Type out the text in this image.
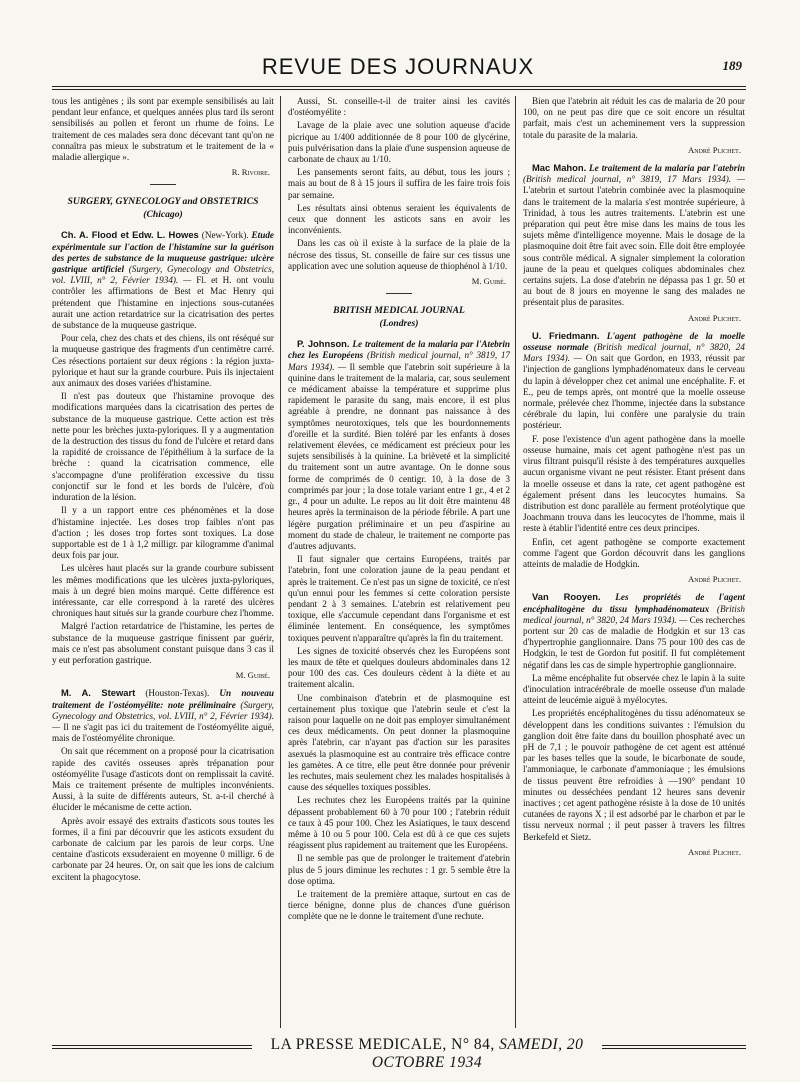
REVUE DES JOURNAUX	189

tous les antigènes ; ils sont par exemple sensibilisés au lait pendant leur enfance, et quelques années plus tard ils seront sensibilisés au pollen et feront un rhume de foins. Le traitement de ces malades sera donc décevant tant qu'on ne connaîtra pas mieux le substratum et le traitement de la « maladie allergique ».

R. Rivoire.
SURGERY, GYNECOLOGY and OBSTETRICS
(Chicago)

Ch. A. Flood et Edw. L. Howes (New-York). Etude expérimentale sur l'action de l'histamine sur la guérison des pertes de substance de la muqueuse gastrique: ulcère gastrique artificiel (Surgery, Gynecology and Obstetrics, vol. LVIII, n° 2, Février 1934). — Fl. et H. ont voulu contrôler les affirmations de Best et Mac Henry qui prétendent que l'histamine en injections sous-cutanées aurait une action retardatrice sur la cicatrisation des pertes de substance de la muqueuse gastrique.

Pour cela, chez des chats et des chiens, ils ont réséqué sur la muqueuse gastrique des fragments d'un centimètre carré. Ces résections portaient sur deux régions : la région juxta-pylorique et haut sur la grande courbure. Puis ils injectaient aux animaux des doses variées d'histamine.

Il n'est pas douteux que l'histamine provoque des modifications marquées dans la cicatrisation des pertes de substance de la muqueuse gastrique. Cette action est très nette pour les brèches juxta-pyloriques. Il y a augmentation de la destruction des tissus du fond de l'ulcère et retard dans la rapidité de croissance de l'épithélium à la surface de la brèche : quand la cicatrisation commence, elle s'accompagne d'une prolifération excessive du tissu conjonctif sur le fond et les bords de l'ulcère, d'où induration de la lésion.

Il y a un rapport entre ces phénomènes et la dose d'histamine injectée. Les doses trop faibles n'ont pas d'action ; les doses trop fortes sont toxiques. La dose supportable est de 1 à 1,2 milligr. par kilogramme d'animal deux fois par jour.

Les ulcères haut placés sur la grande courbure subissent les mêmes modifications que les ulcères juxta-pyloriques, mais à un degré bien moins marqué. Cette différence est intéressante, car elle correspond à la rareté des ulcères chroniques haut situés sur la grande courbure chez l'homme.

Malgré l'action retardatrice de l'histamine, les pertes de substance de la muqueuse gastrique finissent par guérir, mais ce n'est pas absolument constant puisque dans 3 cas il y eut perforation gastrique.

M. Guibé.

M. A. Stewart (Houston-Texas). Un nouveau traitement de l'ostéomyélite: note préliminaire (Surgery, Gynecology and Obstetrics, vol. LVIII, n° 2, Février 1934). — Il ne s'agit pas ici du traitement de l'ostéomyélite aiguë, mais de l'ostéomyélite chronique.

On sait que récemment on a proposé pour la cicatrisation rapide des cavités osseuses après trépanation pour ostéomyélite l'usage d'asticots dont on remplissait la cavité. Mais ce traitement présente de multiples inconvénients. Aussi, à la suite de différents auteurs, St. a-t-il cherché à élucider le mécanisme de cette action.

Après avoir essayé des extraits d'asticots sous toutes les formes, il a fini par découvrir que les asticots exsudent du carbonate de calcium par les parois de leur corps. Une centaine d'asticots exsuderaient en moyenne 0 milligr. 6 de carbonate par 24 heures. Or, on sait que les ions de calcium excitent la phagocytose.

Aussi, St. conseille-t-il de traiter ainsi les cavités d'ostéomyélite :

Lavage de la plaie avec une solution aqueuse d'acide picrique au 1/400 additionnée de 8 pour 100 de glycérine, puis pulvérisation dans la plaie d'une suspension aqueuse de carbonate de chaux au 1/10.

Les pansements seront faits, au début, tous les jours ; mais au bout de 8 à 15 jours il suffira de les faire trois fois par semaine.

Les résultats ainsi obtenus seraient les équivalents de ceux que donnent les asticots sans en avoir les inconvénients.

Dans les cas où il existe à la surface de la plaie de la nécrose des tissus, St. conseille de faire sur ces tissus une application avec une solution aqueuse de thiophénol à 1/10.

M. Guibé.
BRITISH MEDICAL JOURNAL
(Londres)

P. Johnson. Le traitement de la malaria par l'Atebrin chez les Européens (British medical journal, n° 3819, 17 Mars 1934). — Il semble que l'atebrin soit supérieure à la quinine dans le traitement de la malaria, car, sous seulement ce médicament abaisse la température et supprime plus rapidement le parasite du sang, mais encore, il est plus agréable à prendre, ne donnant pas naissance à des symptômes neurotoxiques, tels que les bourdonnements d'oreille et la surdité. Bien toléré par les enfants à doses relativement élevées, ce médicament est précieux pour les sujets sensibilisés à la quinine. La brièveté et la simplicité du traitement sont un autre avantage. On le donne sous forme de comprimés de 0 centigr. 10, à la dose de 3 comprimés par jour ; la dose totale variant entre 1 gr., 4 et 2 gr., 4 pour un adulte. Le repos au lit doit être maintenu 48 heures après la terminaison de la période fébrile. A part une légère purgation préliminaire et un peu d'aspirine au moment du stade de chaleur, le traitement ne comporte pas d'autres adjuvants.

Il faut signaler que certains Européens, traités par l'atebrin, font une coloration jaune de la peau pendant et après le traitement. Ce n'est pas un signe de toxicité, ce n'est qu'un ennui pour les femmes si cette coloration persiste pendant 2 à 3 semaines. L'atebrin est relativement peu toxique, elle s'accumule cependant dans l'organisme et est éliminée lentement. En conséquence, les symptômes toxiques peuvent n'apparaître qu'après la fin du traitement.

Les signes de toxicité observés chez les Européens sont les maux de tête et quelques douleurs abdominales dans 12 pour 100 des cas. Ces douleurs cèdent à la diète et au traitement alcalin.

Une combinaison d'atebrin et de plasmoquine est certainement plus toxique que l'atebrin seule et c'est la raison pour laquelle on ne doit pas employer simultanément ces deux médicaments. On peut donner la plasmoquine après l'atebrin, car n'ayant pas d'action sur les parasites asexués la plasmoquine est au contraire très efficace contre les gamètes. A ce titre, elle peut être donnée pour prévenir les rechutes, mais seulement chez les malades hospitalisés à cause des séquelles toxiques possibles.

Les rechutes chez les Européens traités par la quinine dépassent probablement 60 à 70 pour 100 ; l'atebrin réduit ce taux à 45 pour 100. Chez les Asiatiques, le taux descend même à 10 ou 5 pour 100. Cela est dû à ce que ces sujets réagissent plus rapidement au traitement que les Européens.

Il ne semble pas que de prolonger le traitement d'atebrin plus de 5 jours diminue les rechutes : 1 gr. 5 semble être la dose optima.

Le traitement de la première attaque, surtout en cas de tierce bénigne, donne plus de chances d'une guérison complète que ne le donne le traitement d'une rechute.

Bien que l'atebrin ait réduit les cas de malaria de 20 pour 100, on ne peut pas dire que ce soit encore un résultat parfait, mais c'est un acheminement vers la suppression totale du parasite de la malaria.

André Plichet.

Mac Mahon. Le traitement de la malaria par l'atebrin (British medical journal, n° 3819, 17 Mars 1934). — L'atebrin et surtout l'atebrin combinée avec la plasmoquine dans le traitement de la malaria s'est montrée supérieure, à Trinidad, à tous les autres traitements. L'atebrin est une préparation qui peut être mise dans les mains de tous les sujets même d'intelligence moyenne. Mais le dosage de la plasmoquine doit être fait avec soin. Elle doit être employée sous contrôle médical. A signaler simplement la coloration jaune de la peau et quelques coliques abdominales chez certains sujets. La dose d'atebrin ne dépassa pas 1 gr. 50 et au bout de 8 jours en moyenne le sang des malades ne présentait plus de parasites.

André Plichet.

U. Friedmann. L'agent pathogène de la moelle osseuse normale (British medical journal, n° 3820, 24 Mars 1934). — On sait que Gordon, en 1933, réussit par l'injection de ganglions lymphadénomateux dans le cerveau du lapin à développer chez cet animal une encéphalite. F. et E., peu de temps après, ont montré que la moelle osseuse normale, prélevée chez l'homme, injectée dans la substance cérébrale du lapin, lui confère une paralysie du train postérieur.

F. pose l'existence d'un agent pathogène dans la moelle osseuse humaine, mais cet agent pathogène n'est pas un virus filtrant puisqu'il résiste à des températures auxquelles aucun organisme vivant ne peut résister. Etant présent dans la moelle osseuse et dans la rate, cet agent pathogène est également présent dans les leucocytes humains. Sa distribution est donc parallèle au ferment protéolytique que Joachmann trouva dans les leucocytes de l'homme, mais il reste à établir l'identité entre ces deux principes.

Enfin, cet agent pathogène se comporte exactement comme l'agent que Gordon découvrit dans les ganglions atteints de maladie de Hodgkin.

André Plichet.

Van Rooyen. Les propriétés de l'agent encéphalitogène du tissu lymphadénomateux (British medical journal, n° 3820, 24 Mars 1934). — Ces recherches portent sur 20 cas de maladie de Hodgkin et sur 13 cas d'hypertrophie ganglionnaire. Dans 75 pour 100 des cas de Hodgkin, le test de Gordon fut positif. Il fut complètement négatif dans les cas de simple hypertrophie ganglionnaire.

La même encéphalite fut observée chez le lapin à la suite d'inoculation intracérébrale de moelle osseuse d'un malade atteint de leucémie aiguë à myélocytes.

Les propriétés encéphalitogènes du tissu adénomateux se développent dans les conditions suivantes : l'émulsion du ganglion doit être faite dans du bouillon phosphaté avec un pH de 7,1 ; le pouvoir pathogène de cet agent est atténué par les bases telles que la soude, le bicarbonate de soude, l'ammoniaque, le carbonate d'ammoniaque ; les émulsions de tissus peuvent être refroidies à —190° pendant 10 minutes ou desséchées pendant 12 heures sans devenir inactives ; cet agent pathogène résiste à la dose de 10 unités cutanées de rayons X ; il est adsorbé par le charbon et par le tissu nerveux normal ; il peut passer à travers les filtres Berkefeld et Sietz.

André Plichet.
LA PRESSE MEDICALE, N° 84, SAMEDI, 20 OCTOBRE 1934
